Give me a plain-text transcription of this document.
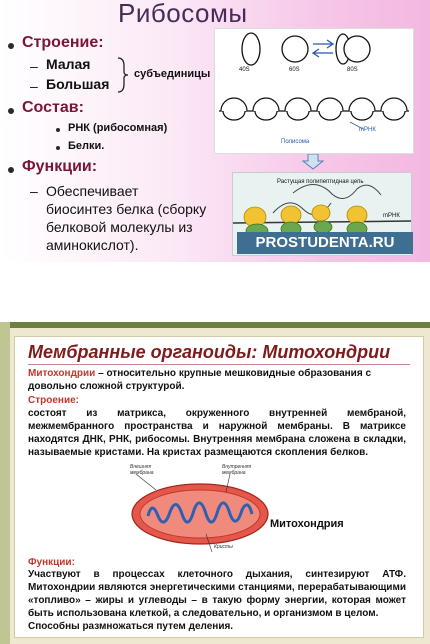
Рибосомы
Строение:
– Малая
– Большая
субъединицы
Состав:
РНК (рибосомная)
Белки.
Функции:
– Обеспечивает
биосинтез белка (сборку
белковой молекулы из
аминокислот).
40S	60S	80S
mРНК
Полисома
Растущая полипептидная цепь
mРНК
PROSTUDENTA.RU
Мембранные органоиды: Митохондрии
Митохондрии – относительно крупные мешковидные образования с довольно сложной структурой.
Строение:
состоят из матрикса, окруженного внутренней мембраной, межмембранного пространства и наружной мембраны. В матриксе находятся ДНК, РНК, рибосомы. Внутренняя мембрана сложена в складки, называемые кристами. На кристах размещаются скопления белков.
Внешняя мембрана
Внутренняя мембрана
Кристы
Митохондрия
Функции:
Участвуют в процессах клеточного дыхания, синтезируют АТФ. Митохондрии являются энергетическими станциями, перерабатывающими «топливо» – жиры и углеводы – в такую форму энергии, которая может быть использована клеткой, а следовательно, и организмом в целом.
Способны размножаться путем деления.
